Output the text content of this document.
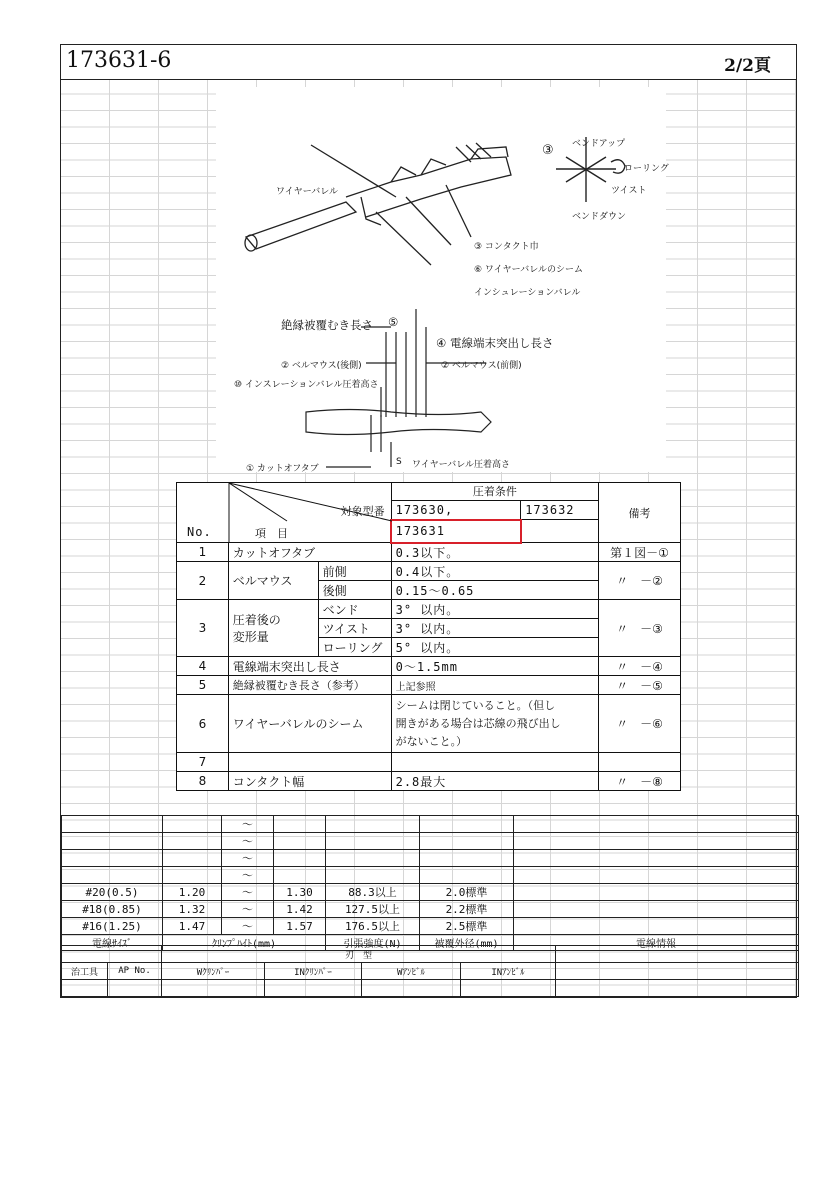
173631-6	2/2頁
ワイヤーバレル
③ コンタクト巾
⑥ ワイヤーバレルのシーム
インシュレーションバレル
絶縁被覆むき長さ ⑤
④ 電線端末突出し長さ
② ベルマウス(後側)	② ベルマウス(前側)
⑩ インスレーションバレル圧着高さ
① カットオフタブ
S ワイヤーバレル圧着高さ
③ ベンドアップ
ベンドダウン
ローリング
ツイスト
対象型番
No. 項　目			圧着条件		備考
			173630,	173632	
			173631		
1	カットオフタブ		0.3以下。		第１図－①
2	ベルマウス	前側	0.4以下。		〃　－②
		後側	0.15～0.65		
3	圧着後の
変形量	ベンド	3° 以内。		〃　－③
		ツイスト	3° 以内。		
		ローリング	5° 以内。		
4	電線端末突出し長さ		0～1.5mm		〃　－④
5	絶縁被覆むき長さ（参考）		上記参照		〃　－⑤
6	ワイヤーバレルのシーム		シームは閉じていること。（但し
開きがある場合は芯線の飛び出し
がないこと。）		〃　－⑥
7					
8	コンタクト幅		2.8最大		〃　－⑧
		～				
		～				
		～				
		～				
#20(0.5)	1.20	～	1.30	88.3以上	2.0標準	
#18(0.85)	1.32	～	1.42	127.5以上	2.2標準	
#16(1.25)	1.47	～	1.57	176.5以上	2.5標準	
電線ｻｲｽﾞ	ｸﾘﾝﾌﾟﾊｲﾄ(mm)			引張強度(N)	被覆外径(mm)	電線情報
		刃　型				
治工具	AP No.	Wｸﾘﾝﾊﾟｰ	INｸﾘﾝﾊﾟｰ	Wｱﾝﾋﾞﾙ	INｱﾝﾋﾞﾙ	
